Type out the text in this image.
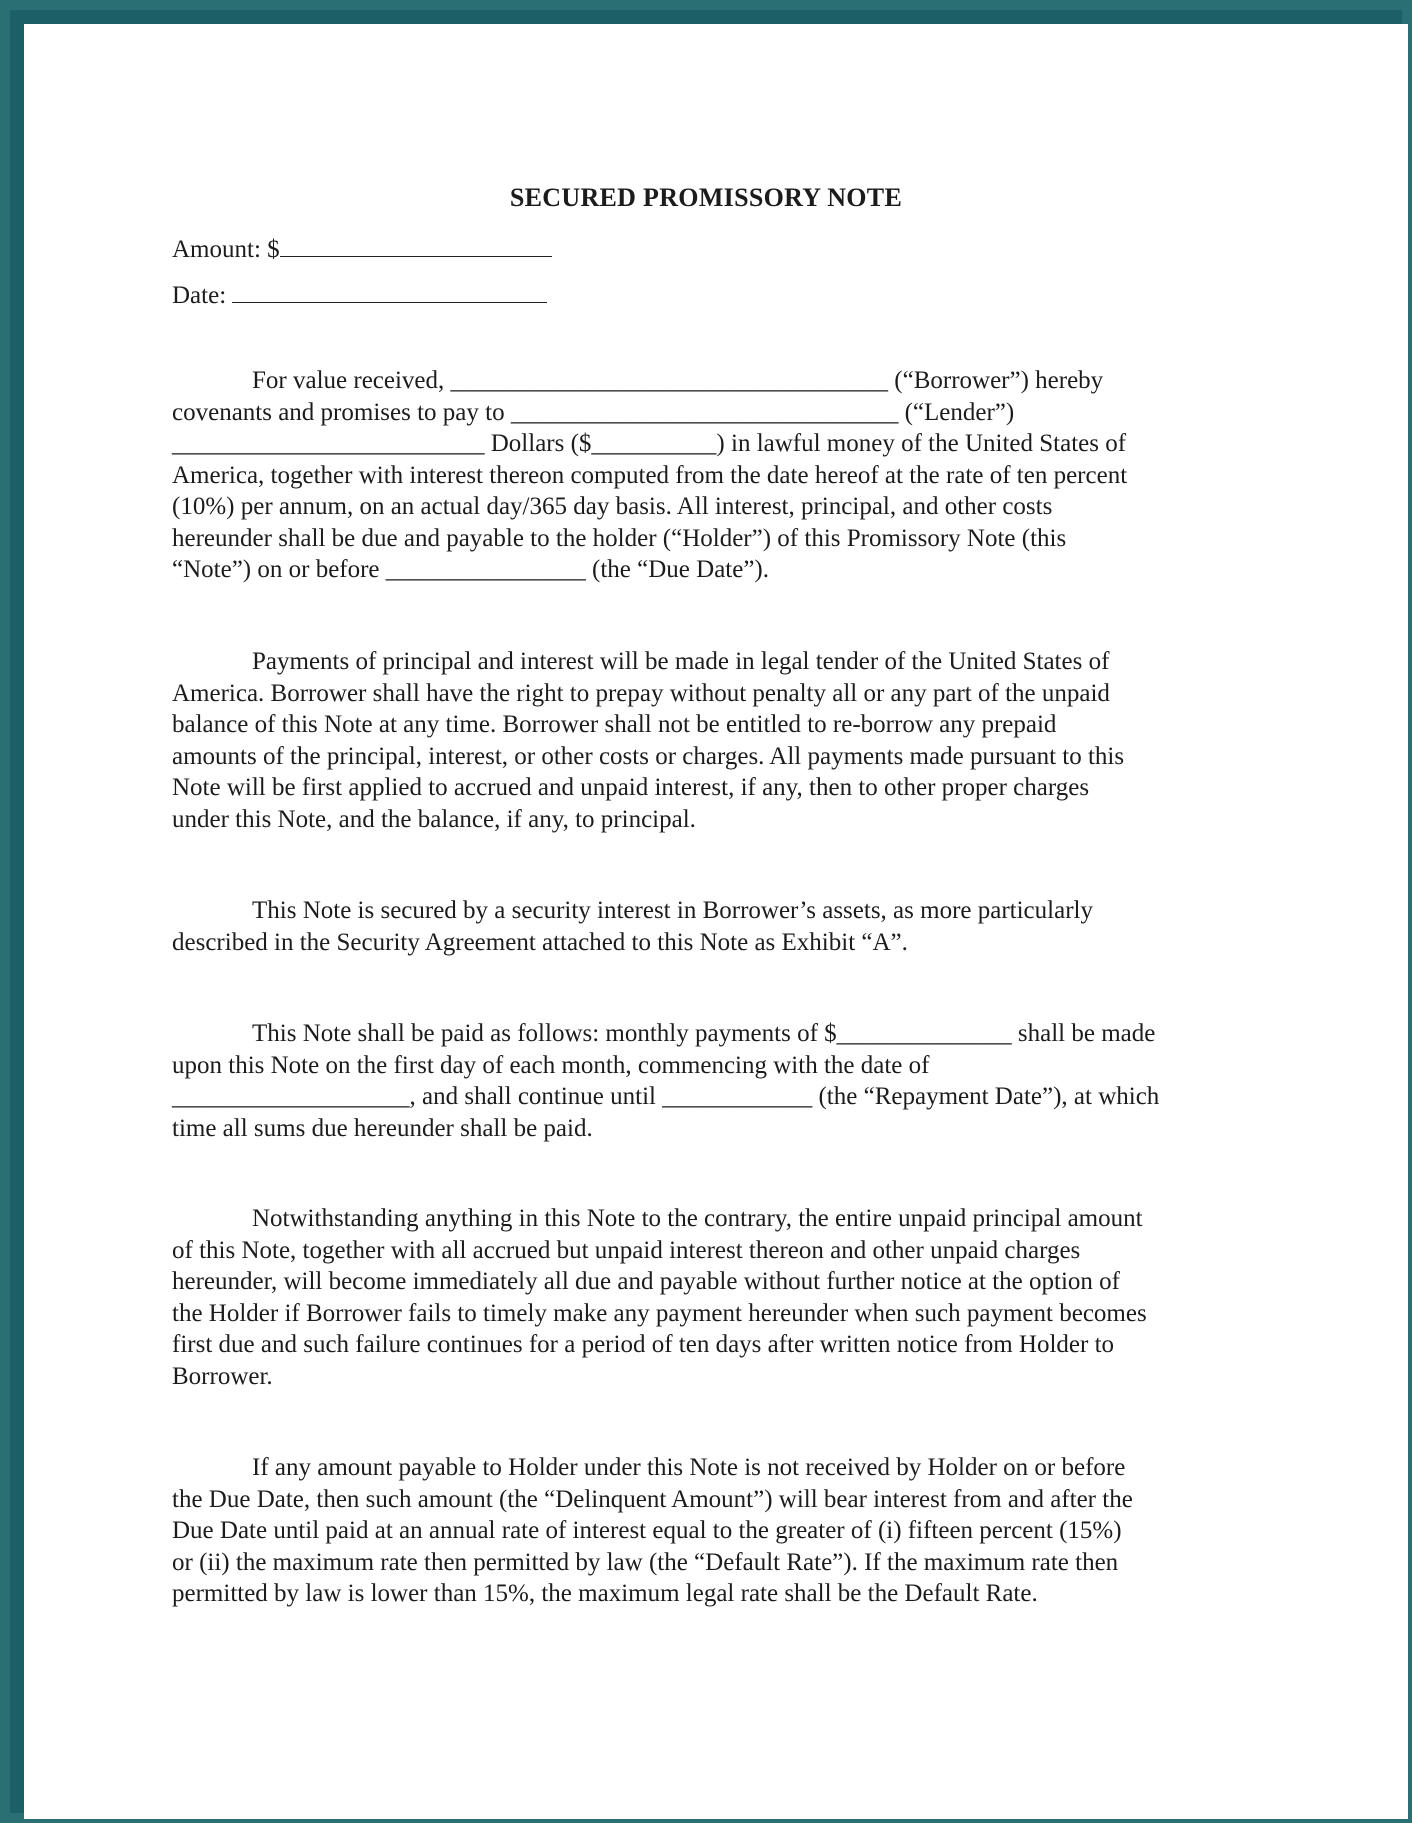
SECURED PROMISSORY NOTE
Amount: $
Date:
For value received, ___________________________________ (“Borrower”) hereby
covenants and promises to pay to _______________________________ (“Lender”)
_________________________ Dollars ($__________) in lawful money of the United States of
America, together with interest thereon computed from the date hereof at the rate of ten percent
(10%) per annum, on an actual day/365 day basis. All interest, principal, and other costs
hereunder shall be due and payable to the holder (“Holder”) of this Promissory Note (this
“Note”) on or before ________________ (the “Due Date”).
Payments of principal and interest will be made in legal tender of the United States of
America. Borrower shall have the right to prepay without penalty all or any part of the unpaid
balance of this Note at any time. Borrower shall not be entitled to re-borrow any prepaid
amounts of the principal, interest, or other costs or charges. All payments made pursuant to this
Note will be first applied to accrued and unpaid interest, if any, then to other proper charges
under this Note, and the balance, if any, to principal.
This Note is secured by a security interest in Borrower’s assets, as more particularly
described in the Security Agreement attached to this Note as Exhibit “A”.
This Note shall be paid as follows: monthly payments of $______________ shall be made
upon this Note on the first day of each month, commencing with the date of
___________________, and shall continue until ____________ (the “Repayment Date”), at which
time all sums due hereunder shall be paid.
Notwithstanding anything in this Note to the contrary, the entire unpaid principal amount
of this Note, together with all accrued but unpaid interest thereon and other unpaid charges
hereunder, will become immediately all due and payable without further notice at the option of
the Holder if Borrower fails to timely make any payment hereunder when such payment becomes
first due and such failure continues for a period of ten days after written notice from Holder to
Borrower.
If any amount payable to Holder under this Note is not received by Holder on or before
the Due Date, then such amount (the “Delinquent Amount”) will bear interest from and after the
Due Date until paid at an annual rate of interest equal to the greater of (i) fifteen percent (15%)
or (ii) the maximum rate then permitted by law (the “Default Rate”). If the maximum rate then
permitted by law is lower than 15%, the maximum legal rate shall be the Default Rate.
